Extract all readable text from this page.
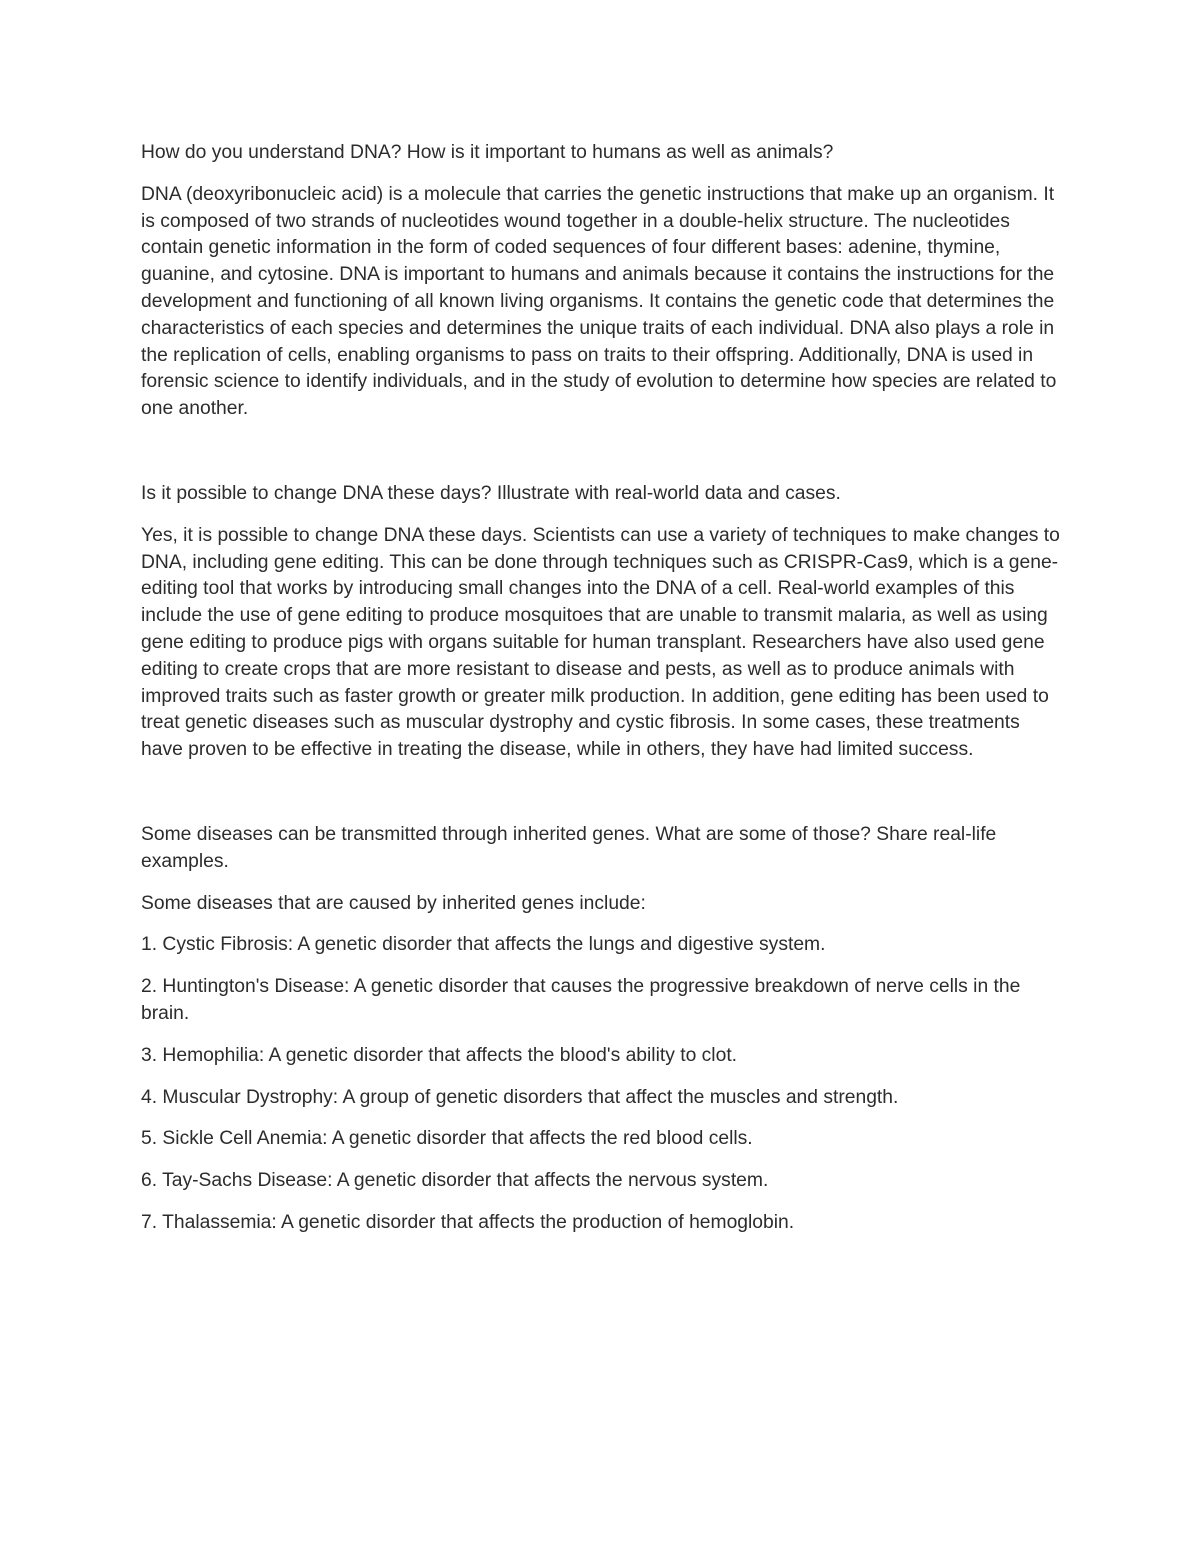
How do you understand DNA? How is it important to humans as well as animals?

DNA (deoxyribonucleic acid) is a molecule that carries the genetic instructions that make up an organism. It is composed of two strands of nucleotides wound together in a double-helix structure. The nucleotides contain genetic information in the form of coded sequences of four different bases: adenine, thymine, guanine, and cytosine. DNA is important to humans and animals because it contains the instructions for the development and functioning of all known living organisms. It contains the genetic code that determines the characteristics of each species and determines the unique traits of each individual. DNA also plays a role in the replication of cells, enabling organisms to pass on traits to their offspring. Additionally, DNA is used in forensic science to identify individuals, and in the study of evolution to determine how species are related to one another.

Is it possible to change DNA these days? Illustrate with real-world data and cases.

Yes, it is possible to change DNA these days. Scientists can use a variety of techniques to make changes to DNA, including gene editing. This can be done through techniques such as CRISPR-Cas9, which is a gene-editing tool that works by introducing small changes into the DNA of a cell. Real-world examples of this include the use of gene editing to produce mosquitoes that are unable to transmit malaria, as well as using gene editing to produce pigs with organs suitable for human transplant. Researchers have also used gene editing to create crops that are more resistant to disease and pests, as well as to produce animals with improved traits such as faster growth or greater milk production. In addition, gene editing has been used to treat genetic diseases such as muscular dystrophy and cystic fibrosis. In some cases, these treatments have proven to be effective in treating the disease, while in others, they have had limited success.

Some diseases can be transmitted through inherited genes. What are some of those? Share real-life examples.

Some diseases that are caused by inherited genes include:

1. Cystic Fibrosis: A genetic disorder that affects the lungs and digestive system.

2. Huntington's Disease: A genetic disorder that causes the progressive breakdown of nerve cells in the brain.

3. Hemophilia: A genetic disorder that affects the blood's ability to clot.

4. Muscular Dystrophy: A group of genetic disorders that affect the muscles and strength.

5. Sickle Cell Anemia: A genetic disorder that affects the red blood cells.

6. Tay-Sachs Disease: A genetic disorder that affects the nervous system.

7. Thalassemia: A genetic disorder that affects the production of hemoglobin.
